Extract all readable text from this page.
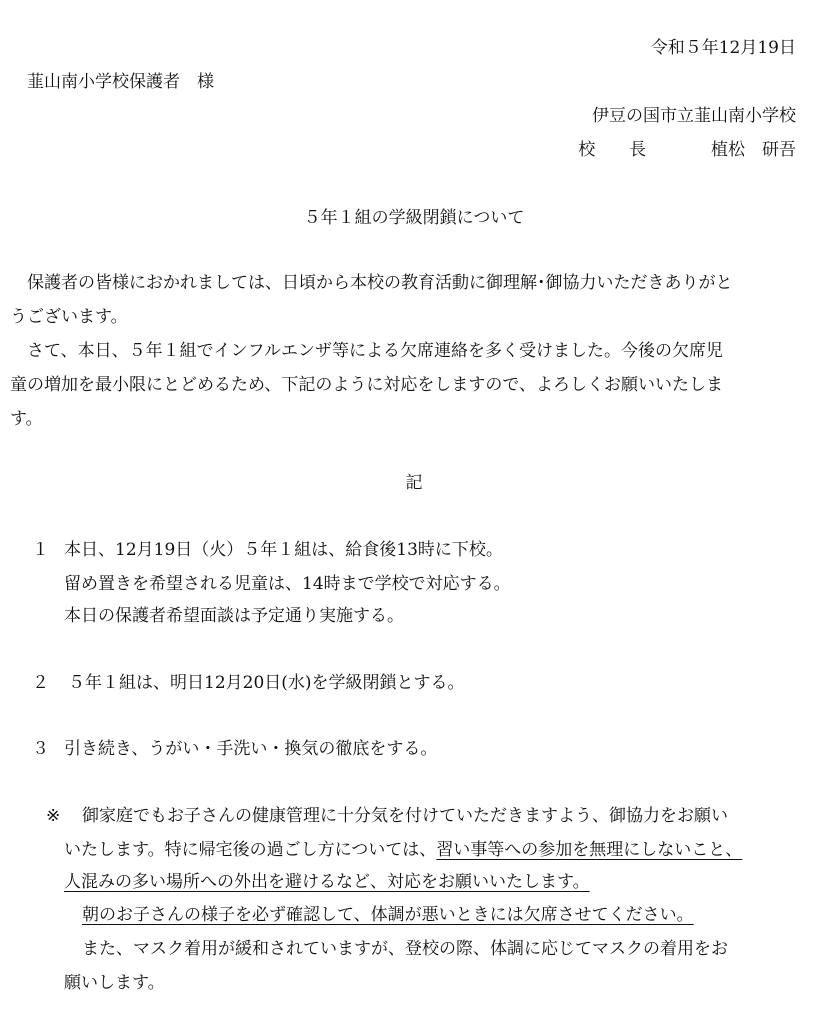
令和５年12月19日
韮山南小学校保護者　様
伊豆の国市立韮山南小学校
校　　長	植松　研吾
５年１組の学級閉鎖について
保護者の皆様におかれましては、日頃から本校の教育活動に御理解･御協力いただきありがと
うございます。
さて、本日、５年１組でインフルエンザ等による欠席連絡を多く受けました。今後の欠席児
童の増加を最小限にとどめるため、下記のように対応をしますので、よろしくお願いいたしま
す。
記
１ 本日、12月19日（火）５年１組は、給食後13時に下校。
留め置きを希望される児童は、14時まで学校で対応する。
本日の保護者希望面談は予定通り実施する。
２ ５年１組は、明日12月20日(水)を学級閉鎖とする。
３ 引き続き、うがい・手洗い・換気の徹底をする。
※ 御家庭でもお子さんの健康管理に十分気を付けていただきますよう、御協力をお願い
いたします。特に帰宅後の過ごし方については、習い事等への参加を無理にしないこと、
人混みの多い場所への外出を避けるなど、対応をお願いいたします。
朝のお子さんの様子を必ず確認して、体調が悪いときには欠席させてください。
また、マスク着用が緩和されていますが、登校の際、体調に応じてマスクの着用をお
願いします。
